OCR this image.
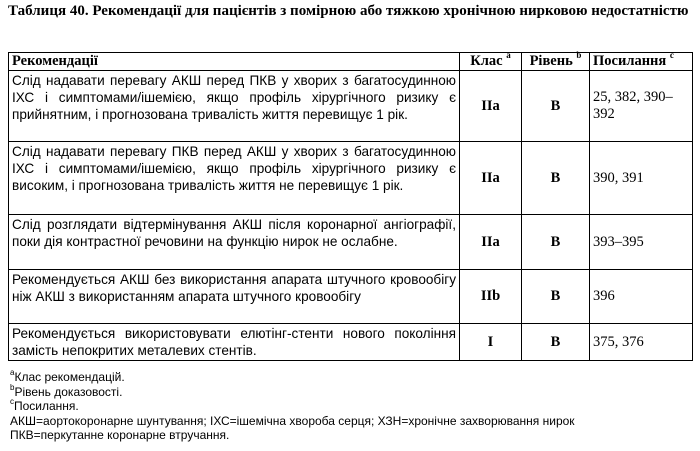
Таблиця 40. Рекомендації для пацієнтів з помірною або тяжкою хронічною нирковою недостатністю
Рекомендації	Клас $^a$	Рівень $^b$	Посилання $^c$
Слід надавати перевагу АКШ перед ПКВ у хворих з багатосудинною ІХС і симптомами/ішемією, якщо профіль хірургічного ризику є прийнятним, і прогнозована тривалість життя перевищує 1 рік.	IIa	B	25, 382, 390–392
Слід надавати перевагу ПКВ перед АКШ у хворих з багатосудинною ІХС і симптомами/ішемією, якщо профіль хірургічного ризику є високим, і прогнозована тривалість життя не перевищує 1 рік.	IIa	B	390, 391
Слід розглядати відтермінування АКШ після коронарної ангіографії, поки дія контрастної речовини на функцію нирок не ослабне.	IIa	B	393–395
Рекомендується АКШ без використання апарата штучного кровообігу ніж АКШ з використанням апарата штучного кровообігу	IIb	B	396
Рекомендується використовувати елютінг-стенти нового покоління замість непокритих металевих стентів.	I	B	375, 376
$^a$Клас рекомендацій.
$^b$Рівень доказовості.
$^c$Посилання.
АКШ=аортокоронарне шунтування; ІХС=ішемічна хвороба серця; ХЗН=хронічне захворювання нирок
ПКВ=перкутанне коронарне втручання.
